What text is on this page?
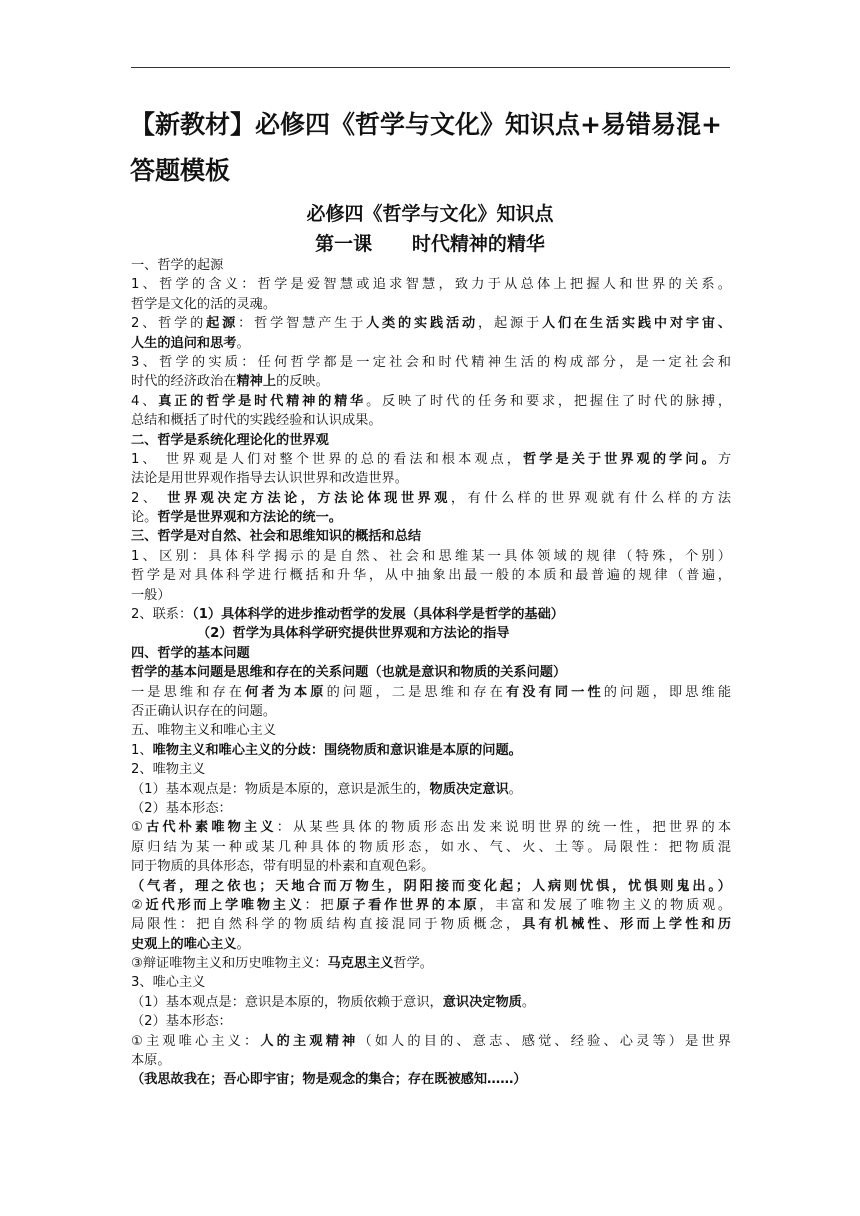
【新教材】必修四《哲学与文化》知识点+易错易混+
答题模板
必修四《哲学与文化》知识点
第一课      时代精神的精华
一、哲学的起源
1、哲学的含义：哲学是爱智慧或追求智慧，致力于从总体上把握人和世界的关系。
哲学是文化的活的灵魂。
2、哲学的起源：哲学智慧产生于人类的实践活动，起源于人们在生活实践中对宇宙、
人生的追问和思考。
3、哲学的实质：任何哲学都是一定社会和时代精神生活的构成部分，是一定社会和
时代的经济政治在精神上的反映。
4、真正的哲学是时代精神的精华。反映了时代的任务和要求，把握住了时代的脉搏，
总结和概括了时代的实践经验和认识成果。
二、哲学是系统化理论化的世界观
1、 世界观是人们对整个世界的总的看法和根本观点，哲学是关于世界观的学问。方
法论是用世界观作指导去认识世界和改造世界。
2、 世界观决定方法论，方法论体现世界观，有什么样的世界观就有什么样的方法
论。哲学是世界观和方法论的统一。
三、哲学是对自然、社会和思维知识的概括和总结
1、区别：具体科学揭示的是自然、社会和思维某一具体领域的规律（特殊，个别）
哲学是对具体科学进行概括和升华，从中抽象出最一般的本质和最普遍的规律（普遍，
一般）
2、联系：（1）具体科学的进步推动哲学的发展（具体科学是哲学的基础）
（2）哲学为具体科学研究提供世界观和方法论的指导
四、哲学的基本问题
哲学的基本问题是思维和存在的关系问题（也就是意识和物质的关系问题）
一是思维和存在何者为本原的问题，二是思维和存在有没有同一性的问题，即思维能
否正确认识存在的问题。
五、唯物主义和唯心主义
1、唯物主义和唯心主义的分歧：围绕物质和意识谁是本原的问题。
2、唯物主义
（1）基本观点是：物质是本原的，意识是派生的，物质决定意识。
（2）基本形态：
①古代朴素唯物主义：从某些具体的物质形态出发来说明世界的统一性，把世界的本
原归结为某一种或某几种具体的物质形态，如水、气、火、土等。局限性：把物质混
同于物质的具体形态，带有明显的朴素和直观色彩。
（气者，理之依也；天地合而万物生，阴阳接而变化起；人病则忧惧，忧惧则鬼出。）
②近代形而上学唯物主义：把原子看作世界的本原，丰富和发展了唯物主义的物质观。
局限性：把自然科学的物质结构直接混同于物质概念，具有机械性、形而上学性和历
史观上的唯心主义。
③辩证唯物主义和历史唯物主义：马克思主义哲学。
3、唯心主义
（1）基本观点是：意识是本原的，物质依赖于意识，意识决定物质。
（2）基本形态：
①主观唯心主义：人的主观精神（如人的目的、意志、感觉、经验、心灵等）是世界
本原。
（我思故我在；吾心即宇宙；物是观念的集合；存在既被感知……）
